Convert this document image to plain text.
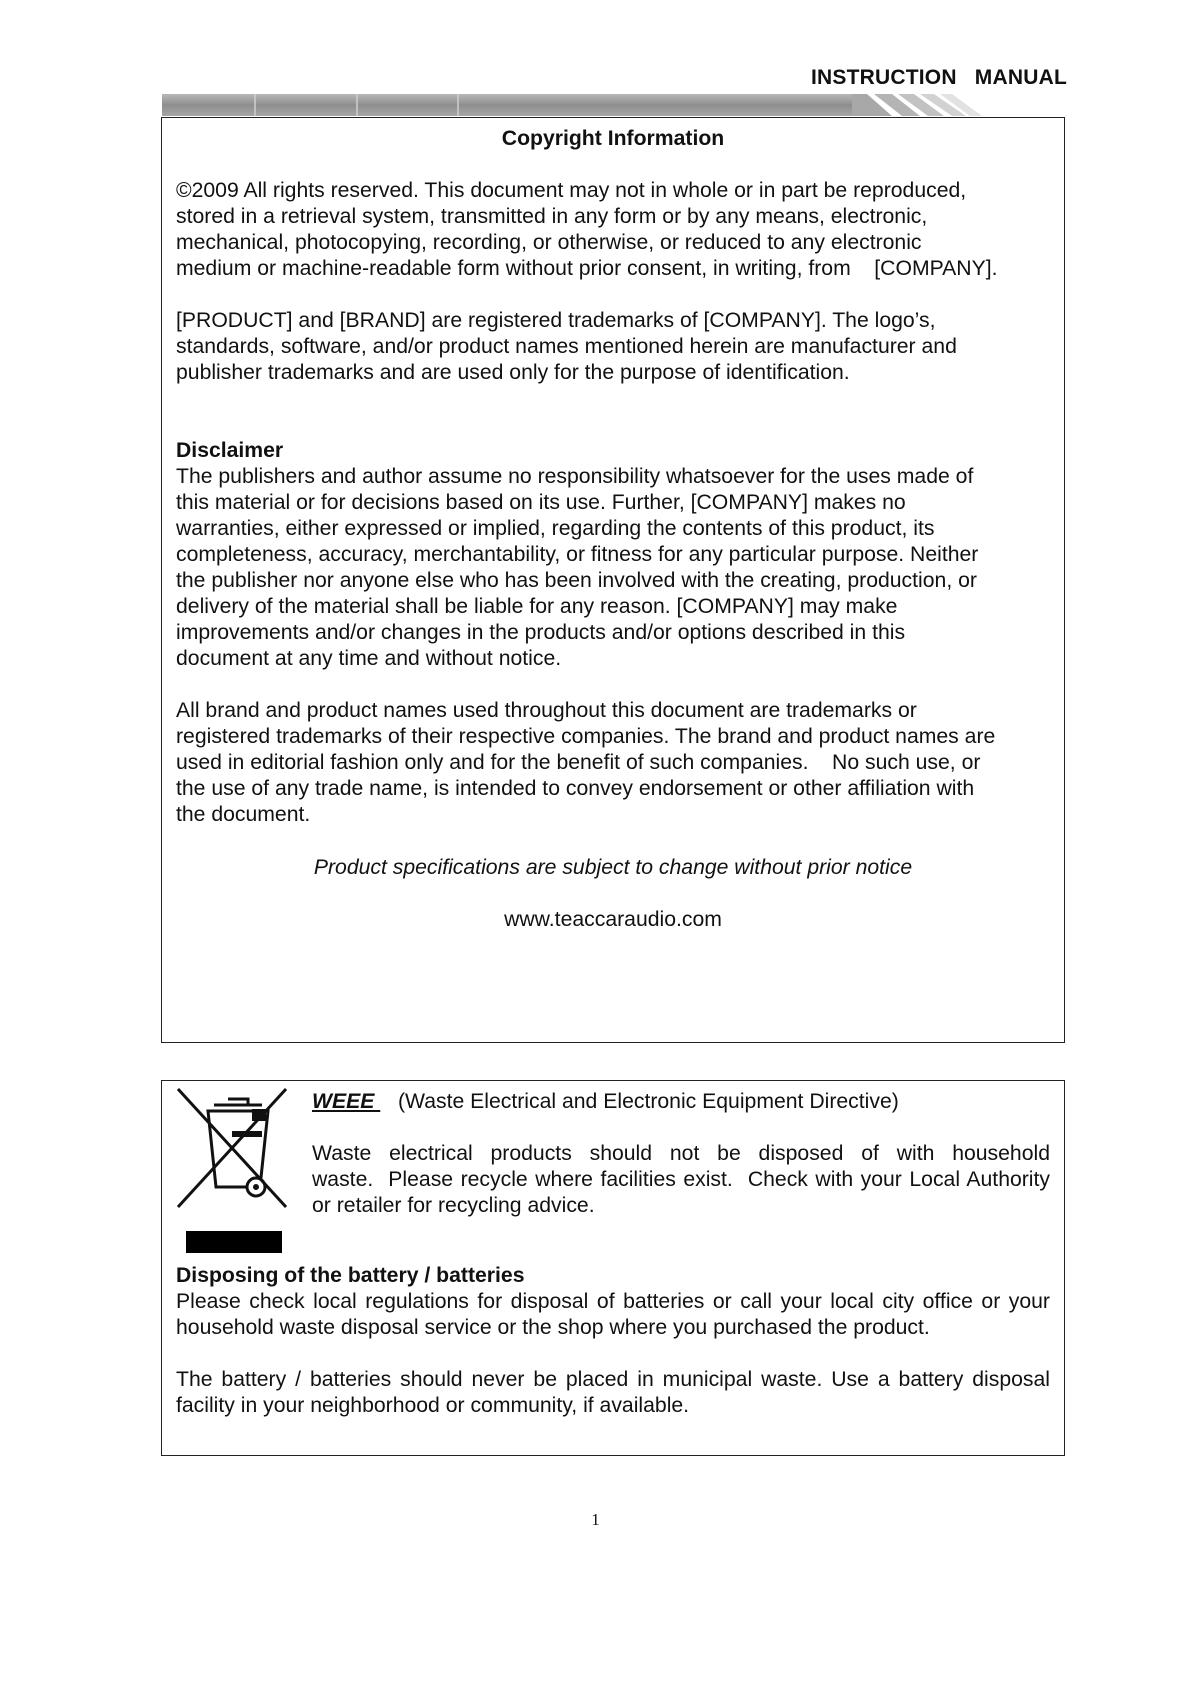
INSTRUCTION   MANUAL

Copyright Information

©2009 All rights reserved. This document may not in whole or in part be reproduced,
stored in a retrieval system, transmitted in any form or by any means, electronic,
mechanical, photocopying, recording, or otherwise, or reduced to any electronic
medium or machine-readable form without prior consent, in writing, from    [COMPANY].
[PRODUCT] and [BRAND] are registered trademarks of [COMPANY]. The logo’s,
standards, software, and/or product names mentioned herein are manufacturer and
publisher trademarks and are used only for the purpose of identification.

Disclaimer

The publishers and author assume no responsibility whatsoever for the uses made of
this material or for decisions based on its use. Further, [COMPANY] makes no
warranties, either expressed or implied, regarding the contents of this product, its
completeness, accuracy, merchantability, or fitness for any particular purpose. Neither
the publisher nor anyone else who has been involved with the creating, production, or
delivery of the material shall be liable for any reason. [COMPANY] may make
improvements and/or changes in the products and/or options described in this
document at any time and without notice.
All brand and product names used throughout this document are trademarks or
registered trademarks of their respective companies. The brand and product names are
used in editorial fashion only and for the benefit of such companies.    No such use, or
the use of any trade name, is intended to convey endorsement or other affiliation with
the document.

Product specifications are subject to change without prior notice

www.teaccaraudio.com

WEEE    (Waste Electrical and Electronic Equipment Directive)

Waste electrical products should not be disposed of with household waste.  Please recycle where facilities exist.  Check with your Local Authority or retailer for recycling advice.

Disposing of the battery / batteries

Please check local regulations for disposal of batteries or call your local city office or your household waste disposal service or the shop where you purchased the product.

The battery / batteries should never be placed in municipal waste. Use a battery disposal facility in your neighborhood or community, if available.

1
